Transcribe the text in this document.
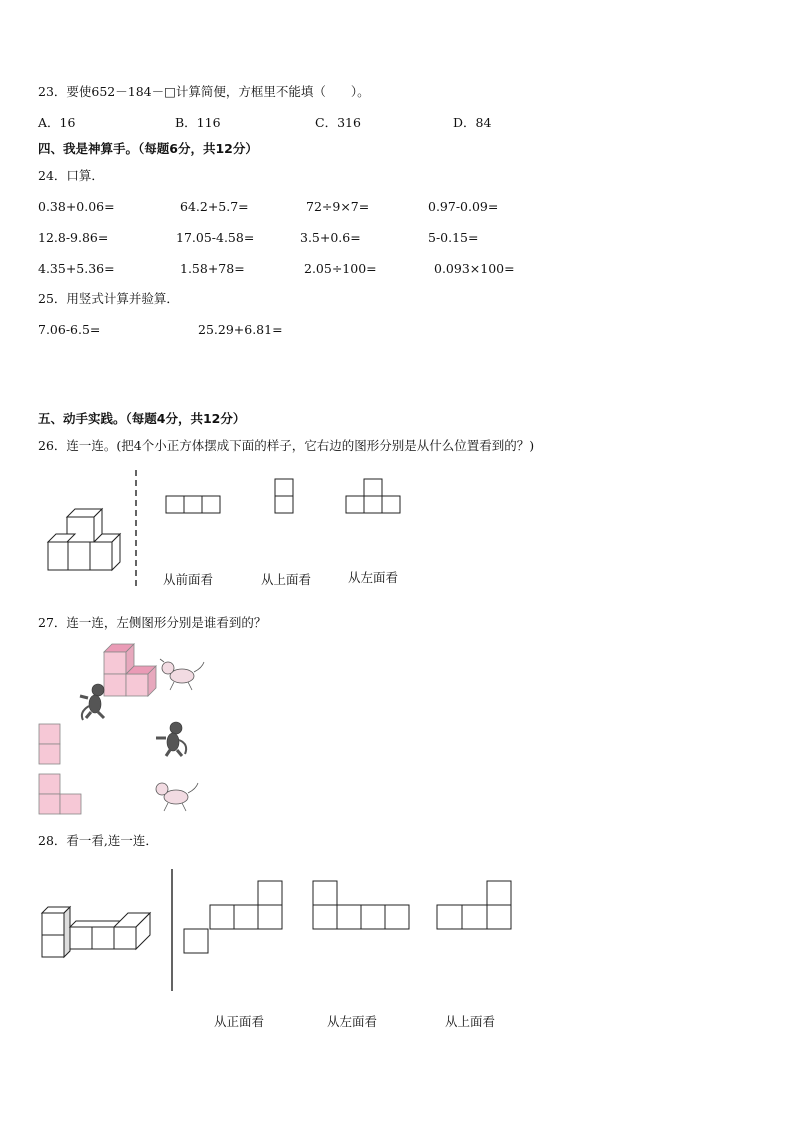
23．要使652－184－□计算简便，方框里不能填（　　）。
A．16	B．116	C．316	D．84
四、我是神算手。（每题6分，共12分）
24．口算．
0.38+0.06=	64.2+5.7=	72÷9×7=	0.97-0.09=
12.8-9.86=	17.05-4.58=	3.5+0.6=	5-0.15=
4.35+5.36=	1.58+78=	2.05÷100=	0.093×100=
25．用竖式计算并验算．
7.06-6.5=	25.29+6.81=
五、动手实践。（每题4分，共12分）
26．连一连。(把4个小正方体摆成下面的样子，它右边的图形分别是从什么位置看到的？)
从前面看	从上面看	从左面看
27．连一连，左侧图形分别是谁看到的？
28．看一看,连一连．
从正面看	从左面看	从上面看
